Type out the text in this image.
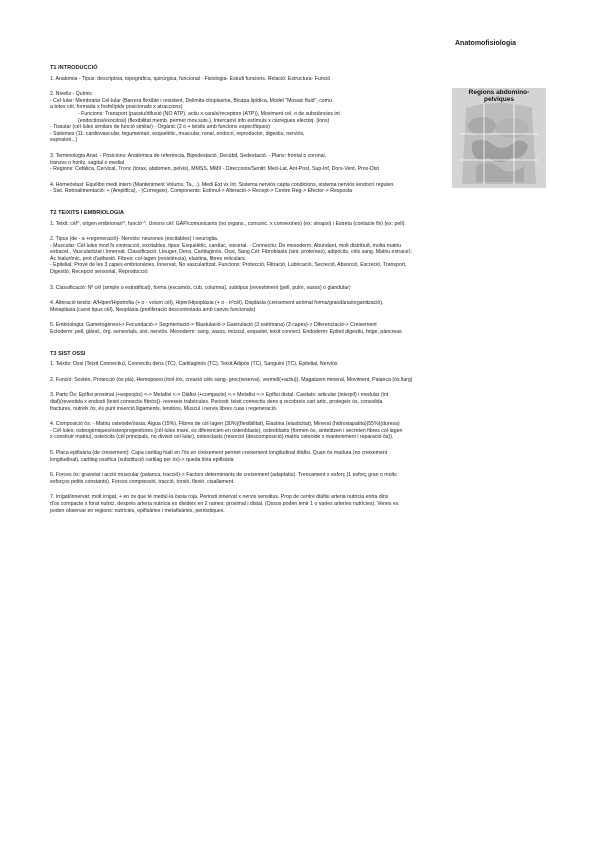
Anatomofisiologia
Regions abdomino-
pelviques
T1 INTRODUCCIÓ
1. Anatomia - Tipus: descriptiva, topogràfica, quirúrgica, funcional - Fisiologia- Estudi funcions. Relació: Estructura- Funció
2. Nivells - Químic
- Cel·lular: Membrana Cel·lular (Barrera flexible i resistent, Delimita citoplasma, Bicapa lipídica, Model "Mosaic fluid", comú
a totes cèl, formada x fosfolípids posicionats x atraccions)
- Funcions: Transport (passiu/difusió (NO ATP), actiu x carals/receptors (ATP)), Moviment cel. o de substàncies int
(endocitosi/exocitosi) (flexibilitat memb. permet mov.suts.), Intercanvi info estímuls x càrregues elèctriq. (ions)
- Tissular (cèl·lules similars de funció similar) - Orgànic (2 o + teixits amb funcions específiques)
- Sistemes (11: cardiovascular, tegumentari, esquelètic, muscular, renal, endocri, reproductor, digestiu, nerviós,
espiratori...)
3. Terminologia Anat. - Posicions: Anatòmica de referència, Bipedestació, Decúbit, Sedestació. - Plans: frontal o coronal,
transvs o horitz, sagital o medial
- Regions: Cefàlica, Cervical, Tronc (tòrax, abdomen, pelvis), MMSS, MMII - Direccions/Sentit: Med-Lat, Ant-Post, Sup-Inf, Dors-Vent, Prox-Dist
4. Homeòstasi: Equilibri medi intern (Manteniment Volums, Ta,...). Medi Ext vs Int. Sistema nerviós capta condicions, sistema nerviós iendocrí regulen.
- Sist. Retroalimentació: + (Amplifica), - (Corregeix). Components: Estímul-> Alteració-> Recept-> Centre Reg-> Efector-> Resposta
T2 TEIXITS I EMBRIOLOGIA
1. Teixit: cèl^, origen embrionari^, funció ^. Unions cèl: GAP/comunicants (no organx., comunic. x connexines) (ex: sinapsi) i Estreta (contacte fix) (ex: pell).
2. Tipus (de - a +regeneració)- Nerviós: neurones (excitables) i neuroglia.
- Muscular: Cèl·lules mod fx contracció, excitables. tipus: Esquelètic, cardíac, visceral. - Connectiu: De mesoderm, Abundant, molt distribuït, molta matriu
extracel., Vascularitzat i Innervat. Classificació: Lleuger, Dens, Cartilaginós, Ossi, Sang Cèl: Fibroblasts (sint. proteïnes), adipòcits, cèls sang. Matriu extracel.:
Àc hialurònic, prot d'adhesió. Fibres: col·lagen (resistència), elastina, fibres reticulars.
- Epitelial: Prové de les 3 capes embrionàries, Innervat, No vascularitzat. Funcions: Protecció, Filtració, Lubricació, Secreció, Absorció, Excreció, Transport,
Digestió, Recepció sensorial, Reproducció.
3. Classificació: Nº cèl (simple o estratificat), forma (escamós, cub, columna), subtipus (revestiment (pell, pulm, vasos) o glandular)
4. Alteració teixits: A/Hiper/Hipotrofia (+ o - volum cèl), Hiper/Hipoplàsia (+ o - nºcèl), Displàsia (creixement anòmal forma/grandària/organització),
Metaplàsia (canvi tipus cèl), Neoplàsia (proliferació descontrolada amb canvis funcionals)
5. Embriologia: Gametogènesi-> Fecundació-> Segmentació-> Blastulació-> Gastrulació (3 ssètmana) (3 capes)-> Diferenciació-> Creixement
Ectoderm: pell, glànd., òrg. sensorials, sist. nerviós. Mesoderm: sang, vasos, múscul, esquelet, teixit connect. Endoderm: Epiteli digestiu, fetge, pàncreas
T3 SIST OSSI
1. Teixits: Ossi (Teixit Connectiu), Connectiu dens (TC), Cartilaginós (TC), Teixit Adipós (TC), Sanguini (TC), Epitelial, Nerviós
2. Funció: Sostén, Protecció (òs pla), Hemopoesi (mol·lós, creació cèls sang- groc(reserva), vermell(+actiu)), Magatzem mineral, Moviment, Palanca (òs llarg)
3. Parts Òs: Epífisi proximal (+esponjós) <-> Metafisi <-> Diàfisi (+compacte) <-> Metafisi <-> Epífisi distal. Cavitats: articular (interpif) i medular (int
diaf)(revestida x endosti (teixit connectiu fibrós))- reveseix trabècules. Periosti: teixit connectiu dens q recobreix cart artic, protegeix òs, consolida
fractures, nutreix òs, és punt inserció lligaments, tendons, Múscul i nervis libres cuas i regeneració.
4. Composició òs: - Matriu osteoide/òssia: Aigua (15%), Fibres de col·lagen (30%)(flexibilitat), Elastina (elasticitat), Mineral (hidroxiapatita)(55%)(duresa)
- Cèl·lules: osteogèniques/osteoprogenitores (cèl·lules mare, es diferencien en osteoblasts), osteoblasts (formen òs, sintetitzen i secreten fibres col·lagen
x construir matriu), osteòcits (cèl principals, no divisió cel·lular), osteoclasts (resorció (descomposició) matriu osteoide x manteniment i reparació òs)).
5. Placa epifisària (de creixement): Capa cartilag hialí en l'òs en creixement permet creixement longitudinal diàfisi. Quan òs madura (no creixement
longitudinal), cartilag ossifica (substitució cartilag per òs)-> queda línia epifisària
6. Forces òs: gravetat i acció muscular (palanca, tracció)-> Factors determinants de creixement (adaptatiu). Trencament x esforç (1 esforç gran o molts
esforços petits constants). Forces compressió, tracció, torsió, flexió, cisallament.
7. Irrigat/innervat: molt irrigat, + en òs que té medul·la òssia roja. Periosti innervat x nervis sensitius. Prop de centre diàfisi arteria nutrícia entra dins
d'os compacte x forat nutrici, després arteria nutrícia es divideix en 2 rames: proximal i distal. (Ossos poden tenir 1 o varies arteries nutrícies). Venes es
poden observar en regions: nutrícies, epifisàries i metafisàries, periòstiques.
